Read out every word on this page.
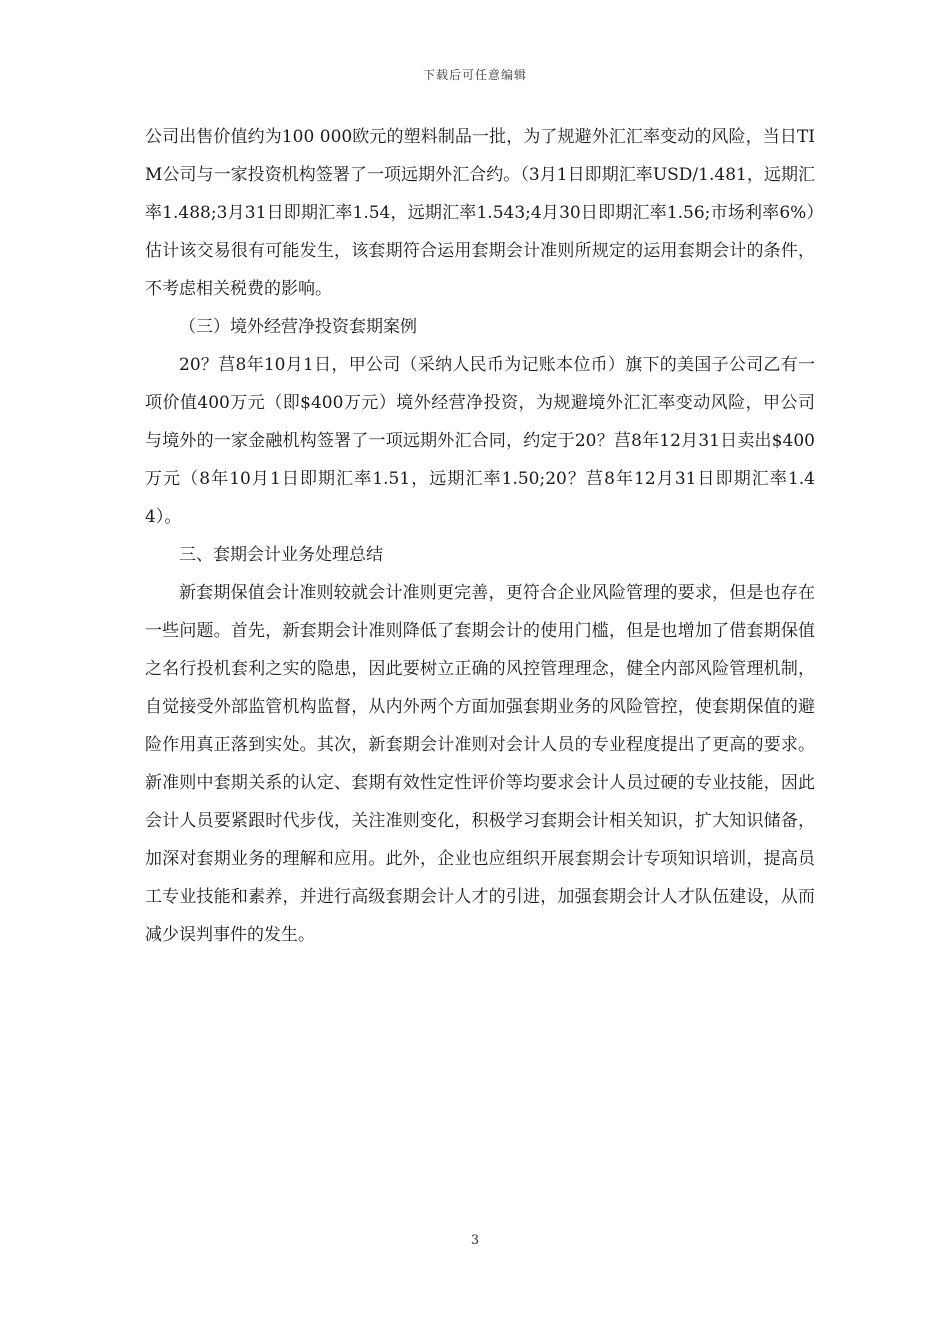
下载后可任意编辑

公司出售价值约为100 000欧元的塑料制品一批，为了规避外汇汇率变动的风险，当日TIM公司与一家投资机构签署了一项远期外汇合约。（3月1日即期汇率USD/1.481，远期汇率1.488;3月31日即期汇率1.54，远期汇率1.543;4月30日即期汇率1.56;市场利率6%）估计该交易很有可能发生，该套期符合运用套期会计准则所规定的运用套期会计的条件，不考虑相关税费的影响。

（三）境外经营净投资套期案例

20？莒8年10月1日，甲公司（采纳人民币为记账本位币）旗下的美国子公司乙有一项价值400万元（即$400万元）境外经营净投资，为规避境外汇汇率变动风险，甲公司与境外的一家金融机构签署了一项远期外汇合同，约定于20？莒8年12月31日卖出$400万元（8年10月1日即期汇率1.51，远期汇率1.50;20？莒8年12月31日即期汇率1.44）。

三、套期会计业务处理总结

新套期保值会计准则较就会计准则更完善，更符合企业风险管理的要求，但是也存在一些问题。首先，新套期会计准则降低了套期会计的使用门槛，但是也增加了借套期保值之名行投机套利之实的隐患，因此要树立正确的风控管理理念，健全内部风险管理机制，自觉接受外部监管机构监督，从内外两个方面加强套期业务的风险管控，使套期保值的避险作用真正落到实处。其次，新套期会计准则对会计人员的专业程度提出了更高的要求。新准则中套期关系的认定、套期有效性定性评价等均要求会计人员过硬的专业技能，因此会计人员要紧跟时代步伐，关注准则变化，积极学习套期会计相关知识，扩大知识储备，加深对套期业务的理解和应用。此外，企业也应组织开展套期会计专项知识培训，提高员工专业技能和素养，并进行高级套期会计人才的引进，加强套期会计人才队伍建设，从而减少误判事件的发生。

3
